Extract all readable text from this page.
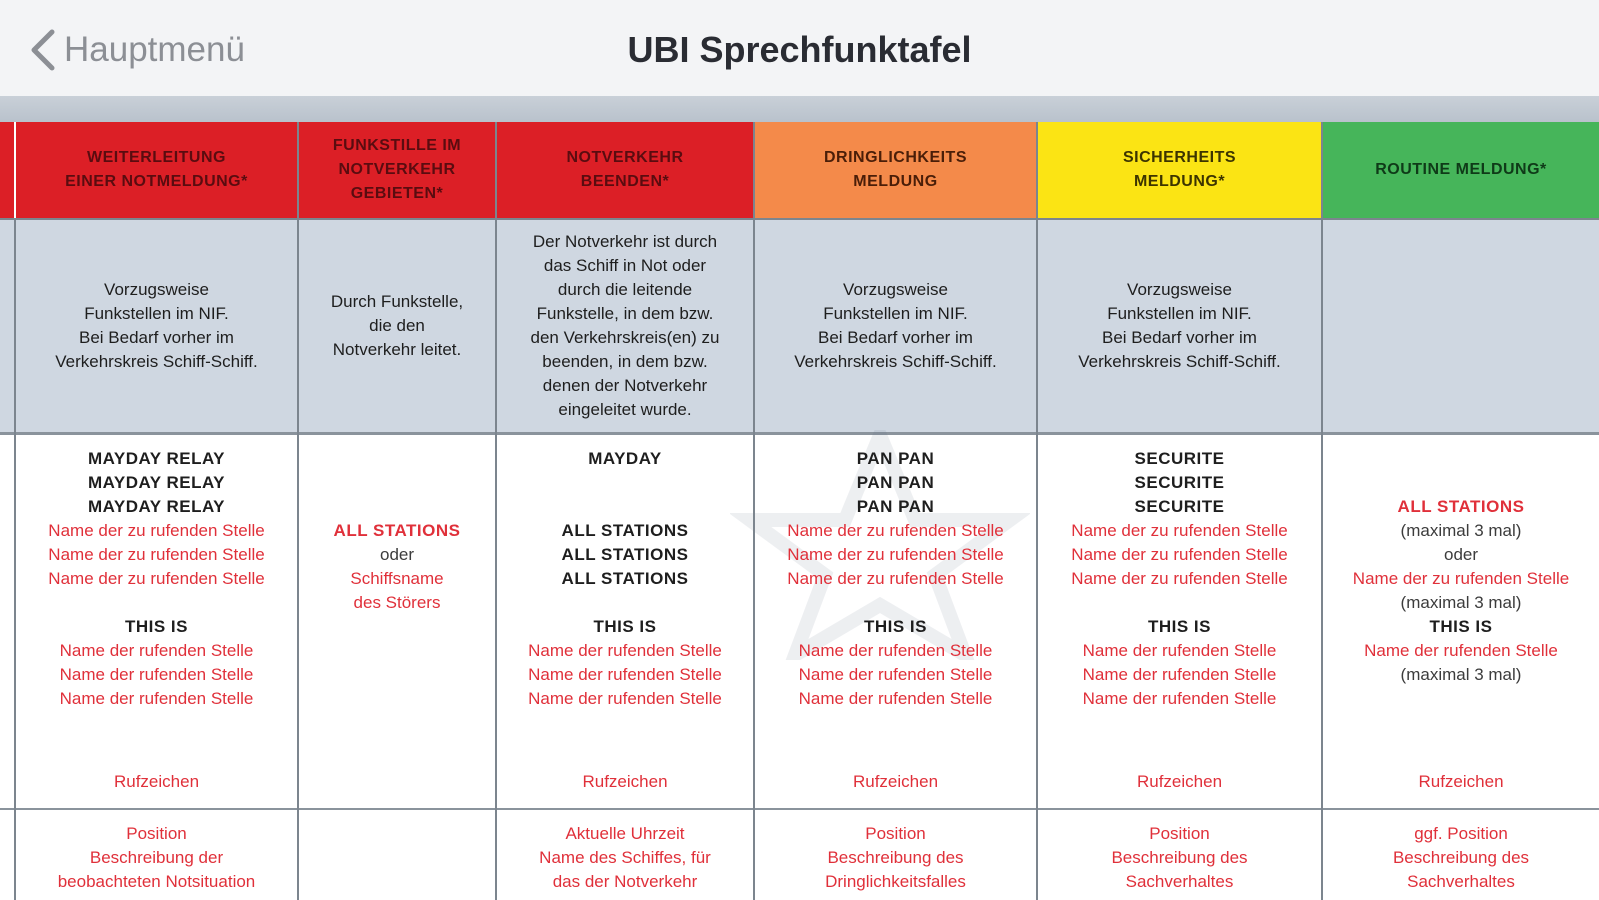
Hauptmenü	UBI Sprechfunktafel
WEITERLEITUNG
EINER NOTMELDUNG*
FUNKSTILLE IM
NOTVERKEHR
GEBIETEN*
NOTVERKEHR
BEENDEN*
DRINGLICHKEITS
MELDUNG
SICHERHEITS
MELDUNG*
ROUTINE MELDUNG*
Vorzugsweise
Funkstellen im NIF.
Bei Bedarf vorher im
Verkehrskreis Schiff-Schiff.
Durch Funkstelle,
die den
Notverkehr leitet.
Der Notverkehr ist durch
das Schiff in Not oder
durch die leitende
Funkstelle, in dem bzw.
den Verkehrskreis(en) zu
beenden, in dem bzw.
denen der Notverkehr
eingeleitet wurde.
Vorzugsweise
Funkstellen im NIF.
Bei Bedarf vorher im
Verkehrskreis Schiff-Schiff.
Vorzugsweise
Funkstellen im NIF.
Bei Bedarf vorher im
Verkehrskreis Schiff-Schiff.
MAYDAY RELAY
MAYDAY RELAY
MAYDAY RELAY
Name der zu rufenden Stelle
Name der zu rufenden Stelle
Name der zu rufenden Stelle
THIS IS
Name der rufenden Stelle
Name der rufenden Stelle
Name der rufenden Stelle
Rufzeichen
ALL STATIONS
oder
Schiffsname
des Störers
MAYDAY
ALL STATIONS
ALL STATIONS
ALL STATIONS
THIS IS
Name der rufenden Stelle
Name der rufenden Stelle
Name der rufenden Stelle
Rufzeichen
PAN PAN
PAN PAN
PAN PAN
Name der zu rufenden Stelle
Name der zu rufenden Stelle
Name der zu rufenden Stelle
THIS IS
Name der rufenden Stelle
Name der rufenden Stelle
Name der rufenden Stelle
Rufzeichen
SECURITE
SECURITE
SECURITE
Name der zu rufenden Stelle
Name der zu rufenden Stelle
Name der zu rufenden Stelle
THIS IS
Name der rufenden Stelle
Name der rufenden Stelle
Name der rufenden Stelle
Rufzeichen
ALL STATIONS
(maximal 3 mal)
oder
Name der zu rufenden Stelle
(maximal 3 mal)
THIS IS
Name der rufenden Stelle
(maximal 3 mal)
Rufzeichen
Position
Beschreibung der
beobachteten Notsituation
Aktuelle Uhrzeit
Name des Schiffes, für
das der Notverkehr
Position
Beschreibung des
Dringlichkeitsfalles
Position
Beschreibung des
Sachverhaltes
ggf. Position
Beschreibung des
Sachverhaltes
